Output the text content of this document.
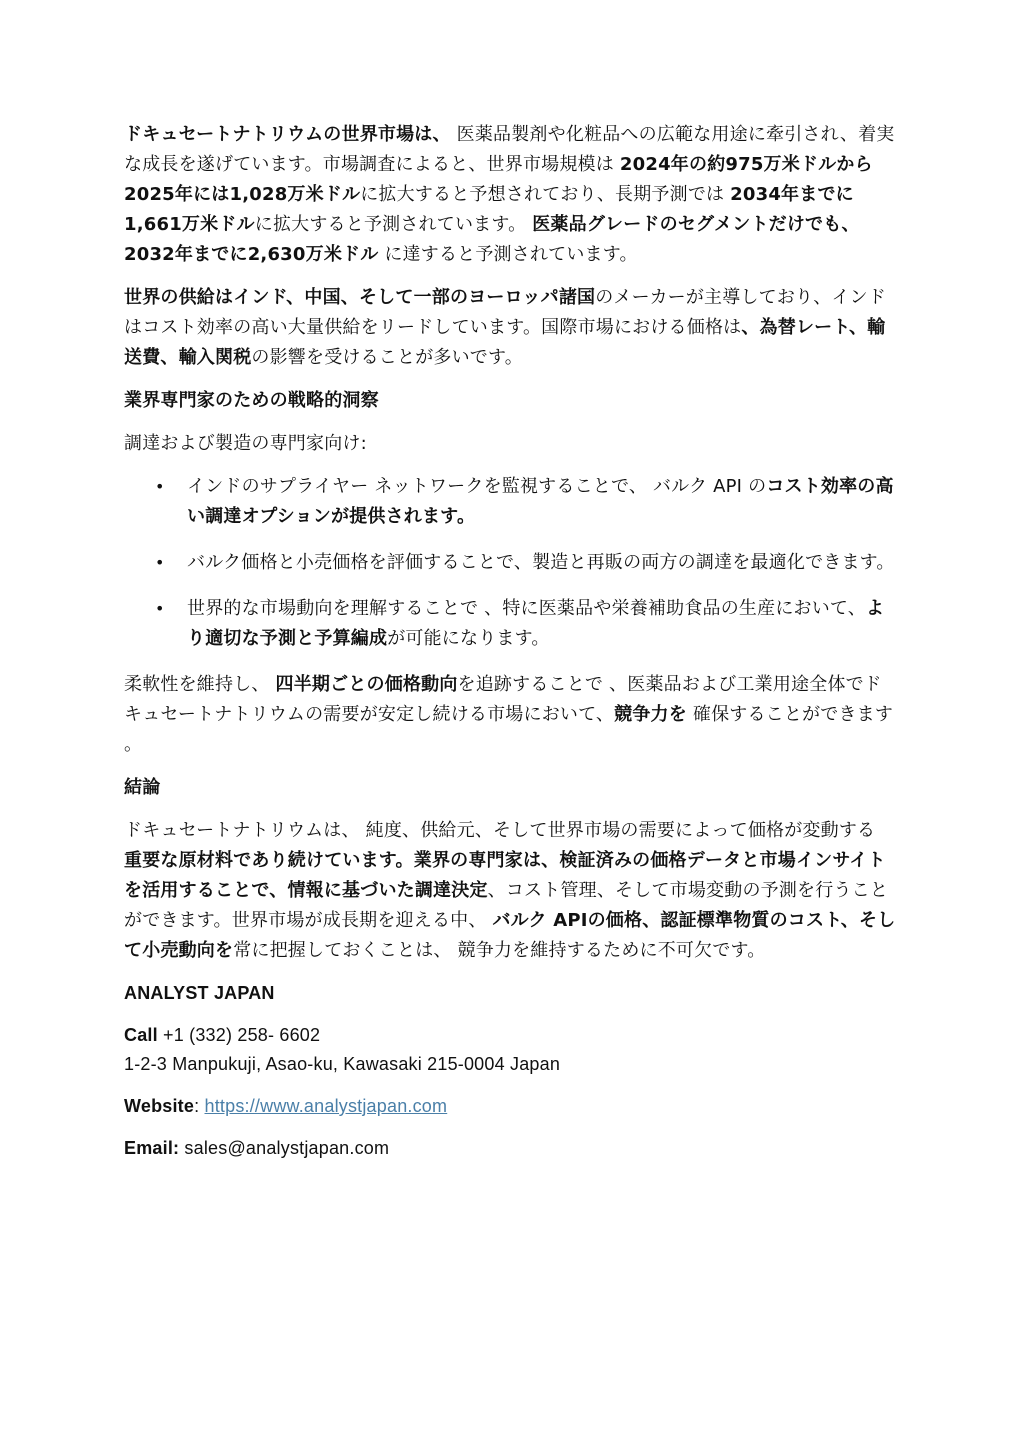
ドキュセートナトリウムの世界市場は、 医薬品製剤や化粧品への広範な用途に牽引され、着実な成長を遂げています。市場調査によると、世界市場規模は 2024年の約975万米ドルから2025年には1,028万米ドルに拡大すると予想されており、長期予測では 2034年までに1,661万米ドルに拡大すると予測されています。 医薬品グレードのセグメントだけでも、2032年までに2,630万米ドル に達すると予測されています。

世界の供給はインド、中国、そして一部のヨーロッパ諸国のメーカーが主導しており、インドはコスト効率の高い大量供給をリードしています。国際市場における価格は、為替レート、輸送費、輸入関税の影響を受けることが多いです。

業界専門家のための戦略的洞察

調達および製造の専門家向け:

• インドのサプライヤー ネットワークを監視することで、 バルク API のコスト効率の高い調達オプションが提供されます。
• バルク価格と小売価格を評価することで、製造と再販の両方の調達を最適化できます。
• 世界的な市場動向を理解することで 、特に医薬品や栄養補助食品の生産において、より適切な予測と予算編成が可能になります。

柔軟性を維持し、 四半期ごとの価格動向を追跡することで 、医薬品および工業用途全体でドキュセートナトリウムの需要が安定し続ける市場において、競争力を 確保することができます 。

結論

ドキュセートナトリウムは、 純度、供給元、そして世界市場の需要によって価格が変動する 重要な原材料であり続けています。業界の専門家は、検証済みの価格データと市場インサイトを活用することで、情報に基づいた調達決定、コスト管理、そして市場変動の予測を行うことができます。世界市場が成長期を迎える中、 バルク APIの価格、認証標準物質のコスト、そして小売動向を常に把握しておくことは、 競争力を維持するために不可欠です。

ANALYST JAPAN

Call +1 (332) 258- 6602
1-2-3 Manpukuji, Asao-ku, Kawasaki 215-0004 Japan

Website: https://www.analystjapan.com

Email: sales@analystjapan.com
